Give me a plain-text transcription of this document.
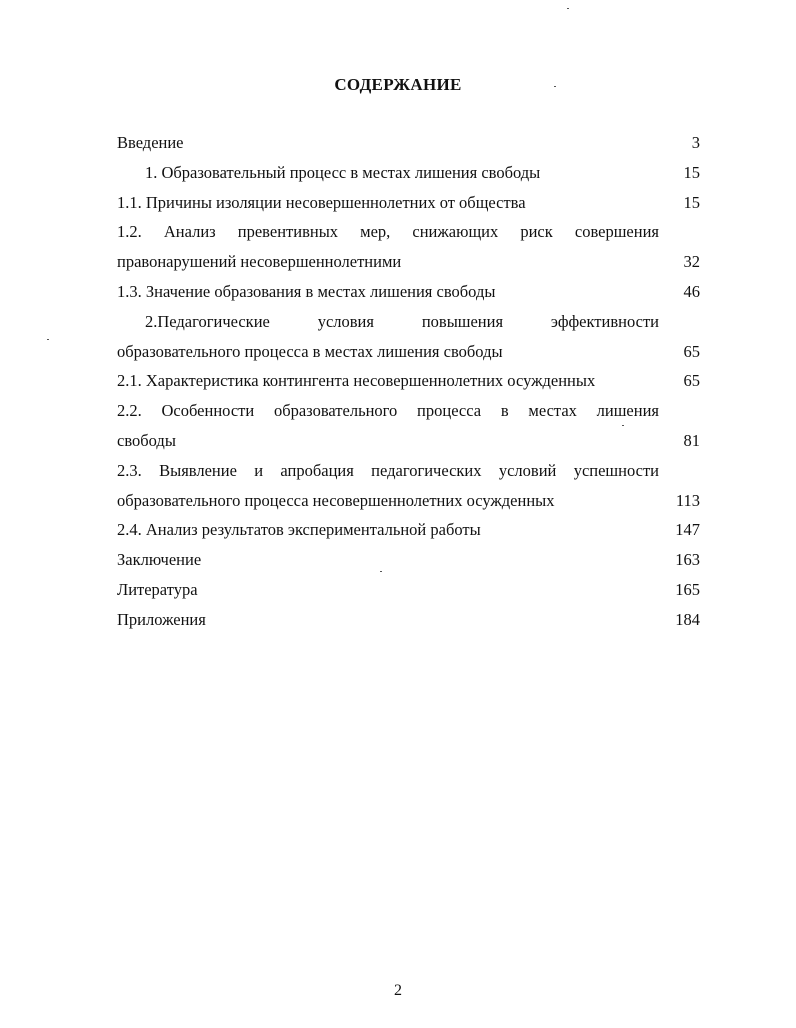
СОДЕРЖАНИЕ
Введение	3
1. Образовательный процесс в местах лишения свободы	15
1.1. Причины изоляции несовершеннолетних от общества	15
1.2. Анализ превентивных мер, снижающих риск совершения
правонарушений несовершеннолетними	32
1.3. Значение образования в местах лишения свободы	46
2.Педагогические условия повышения эффективности
образовательного процесса в местах лишения свободы	65
2.1. Характеристика контингента несовершеннолетних осужденных	65
2.2. Особенности образовательного процесса в местах лишения
свободы	81
2.3. Выявление и апробация педагогических условий успешности
образовательного процесса несовершеннолетних осужденных	113
2.4. Анализ результатов экспериментальной работы	147
Заключение	163
Литература	165
Приложения	184
2
